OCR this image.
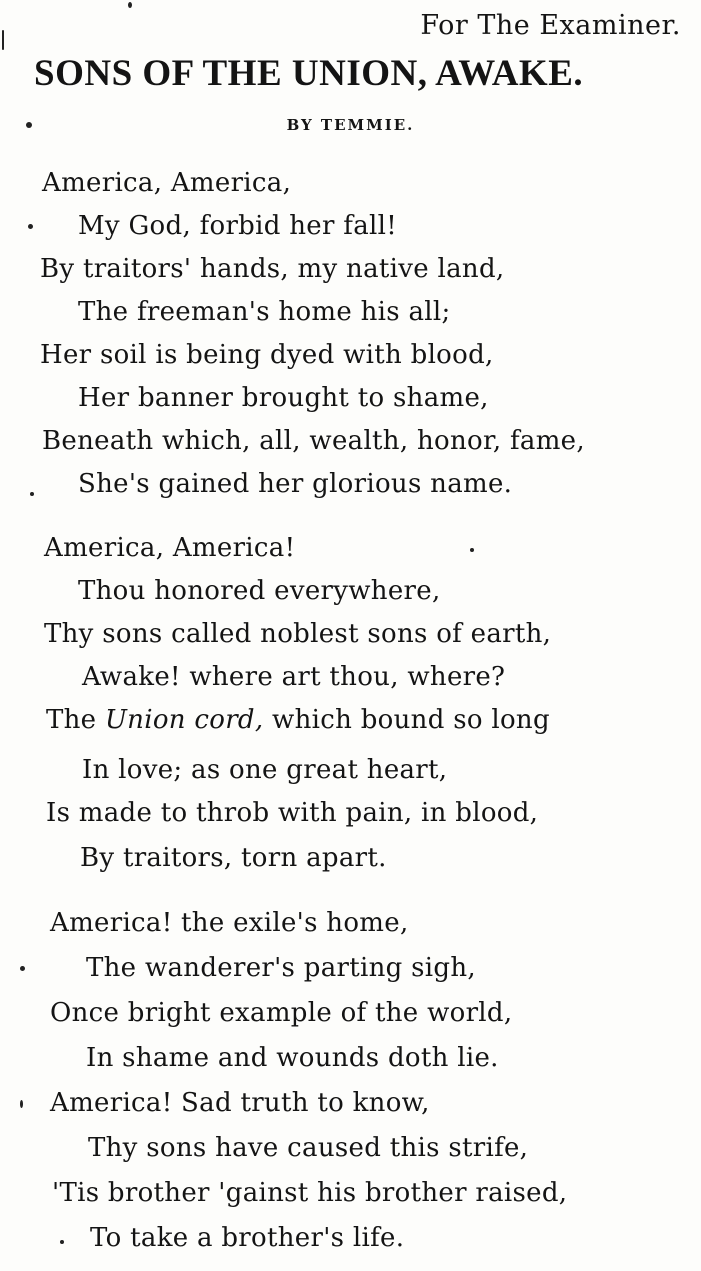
For The Examiner.
SONS OF THE UNION, AWAKE.
BY TEMMIE.
America, America,
My God, forbid her fall!
By traitors' hands, my native land,
The freeman's home his all;
Her soil is being dyed with blood,
Her banner brought to shame,
Beneath which, all, wealth, honor, fame,
She's gained her glorious name.
America, America!
Thou honored everywhere,
Thy sons called noblest sons of earth,
Awake! where art thou, where?
The Union cord, which bound so long
In love; as one great heart,
Is made to throb with pain, in blood,
By traitors, torn apart.
America! the exile's home,
The wanderer's parting sigh,
Once bright example of the world,
In shame and wounds doth lie.
America! Sad truth to know,
Thy sons have caused this strife,
'Tis brother 'gainst his brother raised,
To take a brother's life.
